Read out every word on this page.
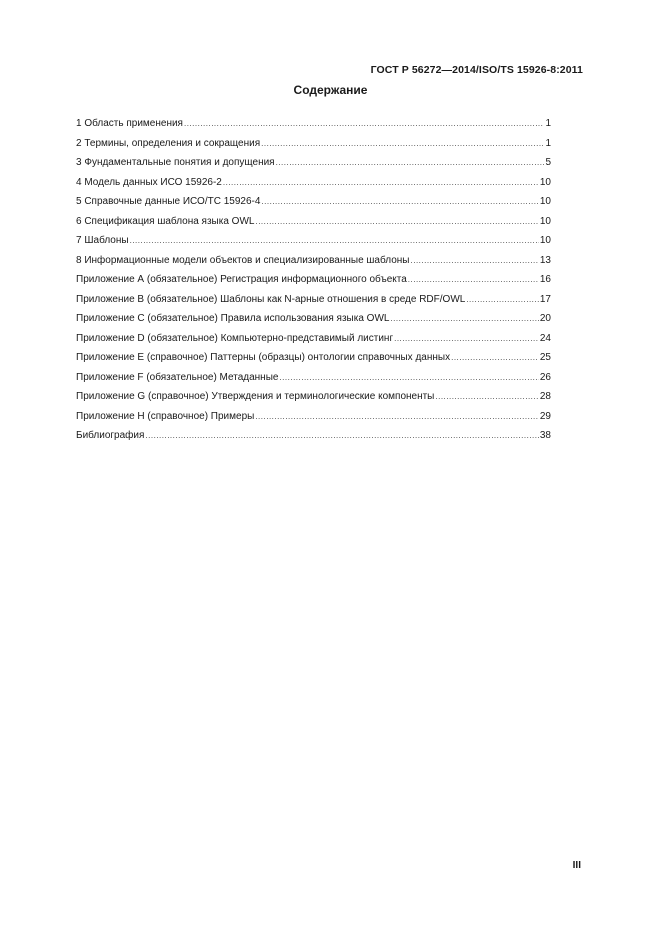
ГОСТ Р 56272—2014/ISO/TS 15926-8:2011
Содержание
1 Область применения .....	1
2 Термины, определения и сокращения .....	1
3 Фундаментальные понятия и допущения .....	5
4 Модель данных ИСО 15926-2 .....	10
5 Справочные данные ИСО/ТС 15926-4 .....	10
6 Спецификация шаблона языка OWL .....	10
7 Шаблоны .....	10
8 Информационные модели объектов и специализированные шаблоны .....	13
Приложение А (обязательное) Регистрация информационного объекта .....	16
Приложение В (обязательное) Шаблоны как N-арные отношения в среде RDF/OWL .....	17
Приложение С (обязательное) Правила использования языка OWL .....	20
Приложение D (обязательное) Компьютерно-представимый листинг .....	24
Приложение Е (справочное) Паттерны (образцы) онтологии справочных данных .....	25
Приложение F (обязательное) Метаданные .....	26
Приложение G (справочное) Утверждения и терминологические компоненты .....	28
Приложение Н (справочное) Примеры .....	29
Библиография .....	38
III
